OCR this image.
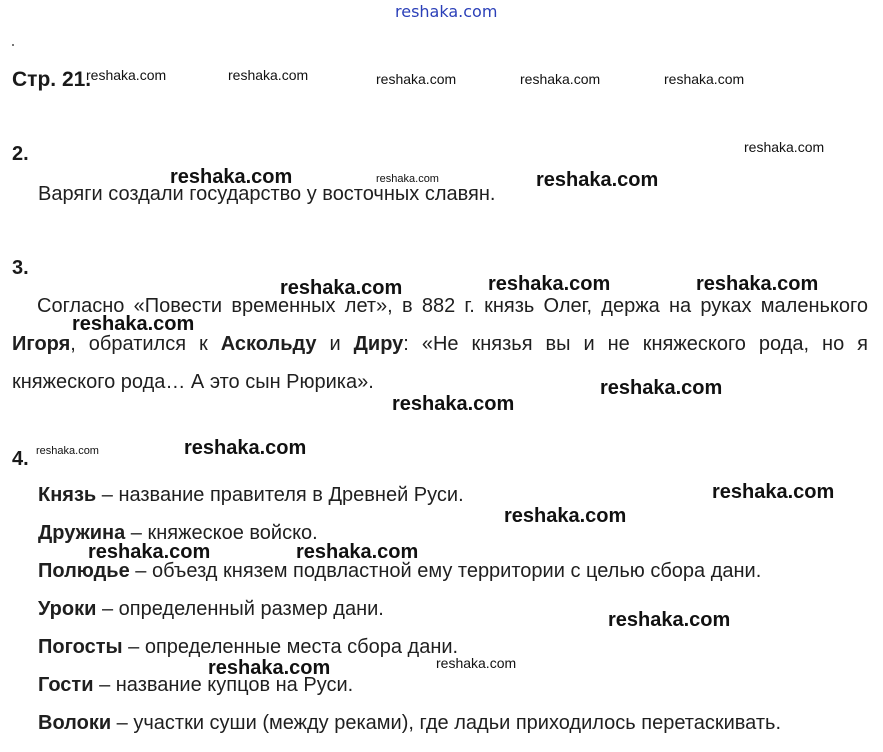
reshaka.com
Стр. 21.
2.
Варяги создали государство у восточных славян.
3.
Согласно «Повести временных лет», в 882 г. князь Олег, держа на руках маленького Игоря, обратился к Аскольду и Диру: «Не князья вы и не княжеского рода, но я княжеского рода… А это сын Рюрика».
4.
Князь – название правителя в Древней Руси.
Дружина – княжеское войско.
Полюдье – объезд князем подвластной ему территории с целью сбора дани.
Уроки – определенный размер дани.
Погосты – определенные места сбора дани.
Гости – название купцов на Руси.
Волоки – участки суши (между реками), где ладьи приходилось перетаскивать.
reshaka.com	reshaka.com	reshaka.com	reshaka.com	reshaka.com
reshaka.com
reshaka.com	reshaka.com	reshaka.com
reshaka.com	reshaka.com	reshaka.com
reshaka.com
reshaka.com
reshaka.com
reshaka.com
reshaka.com
reshaka.com
reshaka.com
reshaka.com	reshaka.com
reshaka.com
reshaka.com	reshaka.com
